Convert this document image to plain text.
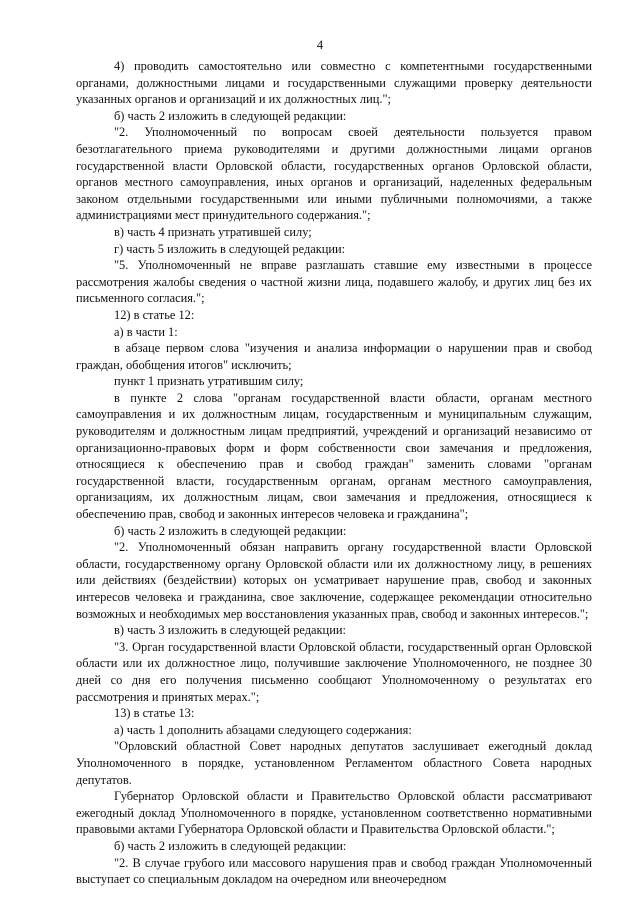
4

4) проводить самостоятельно или совместно с компетентными государственными органами, должностными лицами и государственными служащими проверку деятельности указанных органов и организаций и их должностных лиц.";

б) часть 2 изложить в следующей редакции:

"2. Уполномоченный по вопросам своей деятельности пользуется правом безотлагательного приема руководителями и другими должностными лицами органов государственной власти Орловской области, государственных органов Орловской области, органов местного самоуправления, иных органов и организаций, наделенных федеральным законом отдельными государственными или иными публичными полномочиями, а также администрациями мест принудительного содержания.";

в) часть 4 признать утратившей силу;

г) часть 5 изложить в следующей редакции:

"5. Уполномоченный не вправе разглашать ставшие ему известными в процессе рассмотрения жалобы сведения о частной жизни лица, подавшего жалобу, и других лиц без их письменного согласия.";

12) в статье 12:

а) в части 1:

в абзаце первом слова "изучения и анализа информации о нарушении прав и свобод граждан, обобщения итогов" исключить;

пункт 1 признать утратившим силу;

в пункте 2 слова "органам государственной власти области, органам местного самоуправления и их должностным лицам, государственным и муниципальным служащим, руководителям и должностным лицам предприятий, учреждений и организаций независимо от организационно-правовых форм и форм собственности свои замечания и предложения, относящиеся к обеспечению прав и свобод граждан" заменить словами "органам государственной власти, государственным органам, органам местного самоуправления, организациям, их должностным лицам, свои замечания и предложения, относящиеся к обеспечению прав, свобод и законных интересов человека и гражданина";

б) часть 2 изложить в следующей редакции:

"2. Уполномоченный обязан направить органу государственной власти Орловской области, государственному органу Орловской области или их должностному лицу, в решениях или действиях (бездействии) которых он усматривает нарушение прав, свобод и законных интересов человека и гражданина, свое заключение, содержащее рекомендации относительно возможных и необходимых мер восстановления указанных прав, свобод и законных интересов.";

в) часть 3 изложить в следующей редакции:

"3. Орган государственной власти Орловской области, государственный орган Орловской области или их должностное лицо, получившие заключение Уполномоченного, не позднее 30 дней со дня его получения письменно сообщают Уполномоченному о результатах его рассмотрения и принятых мерах.";

13) в статье 13:

а) часть 1 дополнить абзацами следующего содержания:

"Орловский областной Совет народных депутатов заслушивает ежегодный доклад Уполномоченного в порядке, установленном Регламентом областного Совета народных депутатов.

Губернатор Орловской области и Правительство Орловской области рассматривают ежегодный доклад Уполномоченного в порядке, установленном соответственно нормативными правовыми актами Губернатора Орловской области и Правительства Орловской области.";

б) часть 2 изложить в следующей редакции:

"2. В случае грубого или массового нарушения прав и свобод граждан Уполномоченный выступает со специальным докладом на очередном или внеочередном
